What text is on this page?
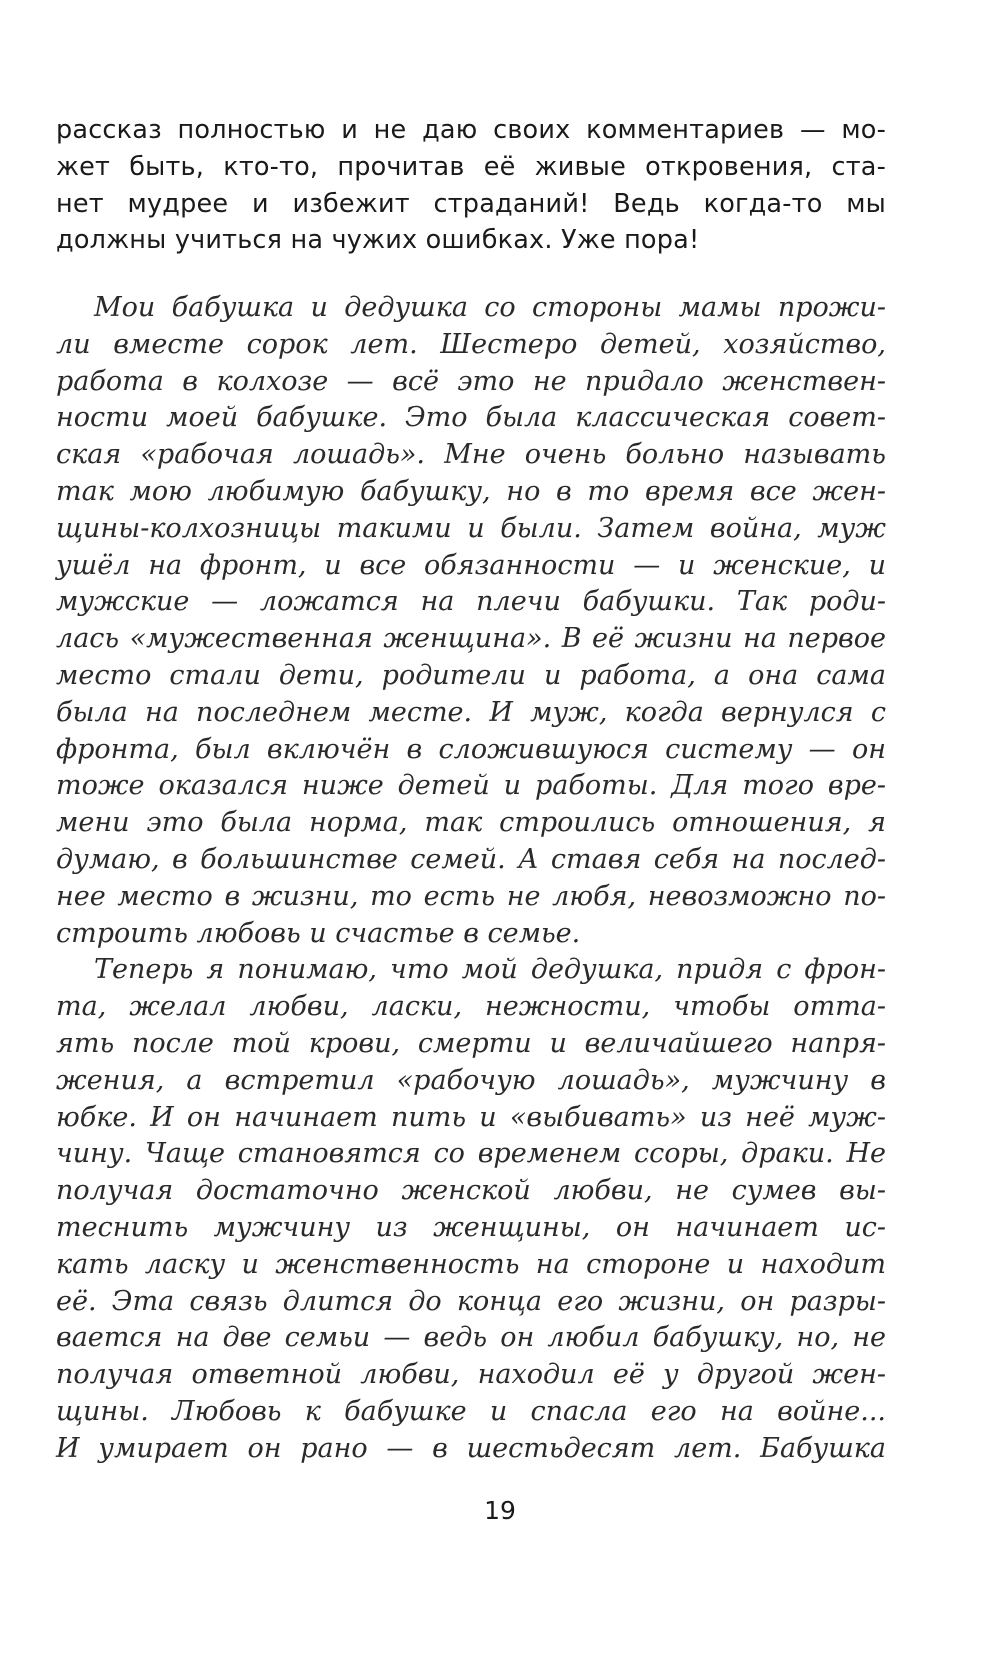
рассказ полностью и не даю своих комментариев — мо-
жет быть, кто-то, прочитав её живые откровения, ста-
нет мудрее и избежит страданий! Ведь когда-то мы
должны учиться на чужих ошибках. Уже пора!
Мои бабушка и дедушка со стороны мамы прожи-
ли вместе сорок лет. Шестеро детей, хозяйство,
работа в колхозе — всё это не придало женствен-
ности моей бабушке. Это была классическая совет-
ская «рабочая лошадь». Мне очень больно называть
так мою любимую бабушку, но в то время все жен-
щины-колхозницы такими и были. Затем война, муж
ушёл на фронт, и все обязанности — и женские, и
мужские — ложатся на плечи бабушки. Так роди-
лась «мужественная женщина». В её жизни на первое
место стали дети, родители и работа, а она сама
была на последнем месте. И муж, когда вернулся с
фронта, был включён в сложившуюся систему — он
тоже оказался ниже детей и работы. Для того вре-
мени это была норма, так строились отношения, я
думаю, в большинстве семей. А ставя себя на послед-
нее место в жизни, то есть не любя, невозможно по-
строить любовь и счастье в семье.
Теперь я понимаю, что мой дедушка, придя с фрон-
та, желал любви, ласки, нежности, чтобы отта-
ять после той крови, смерти и величайшего напря-
жения, а встретил «рабочую лошадь», мужчину в
юбке. И он начинает пить и «выбивать» из неё муж-
чину. Чаще становятся со временем ссоры, драки. Не
получая достаточно женской любви, не сумев вы-
теснить мужчину из женщины, он начинает ис-
кать ласку и женственность на стороне и находит
её. Эта связь длится до конца его жизни, он разры-
вается на две семьи — ведь он любил бабушку, но, не
получая ответной любви, находил её у другой жен-
щины. Любовь к бабушке и спасла его на войне...
И умирает он рано — в шестьдесят лет. Бабушка
19
